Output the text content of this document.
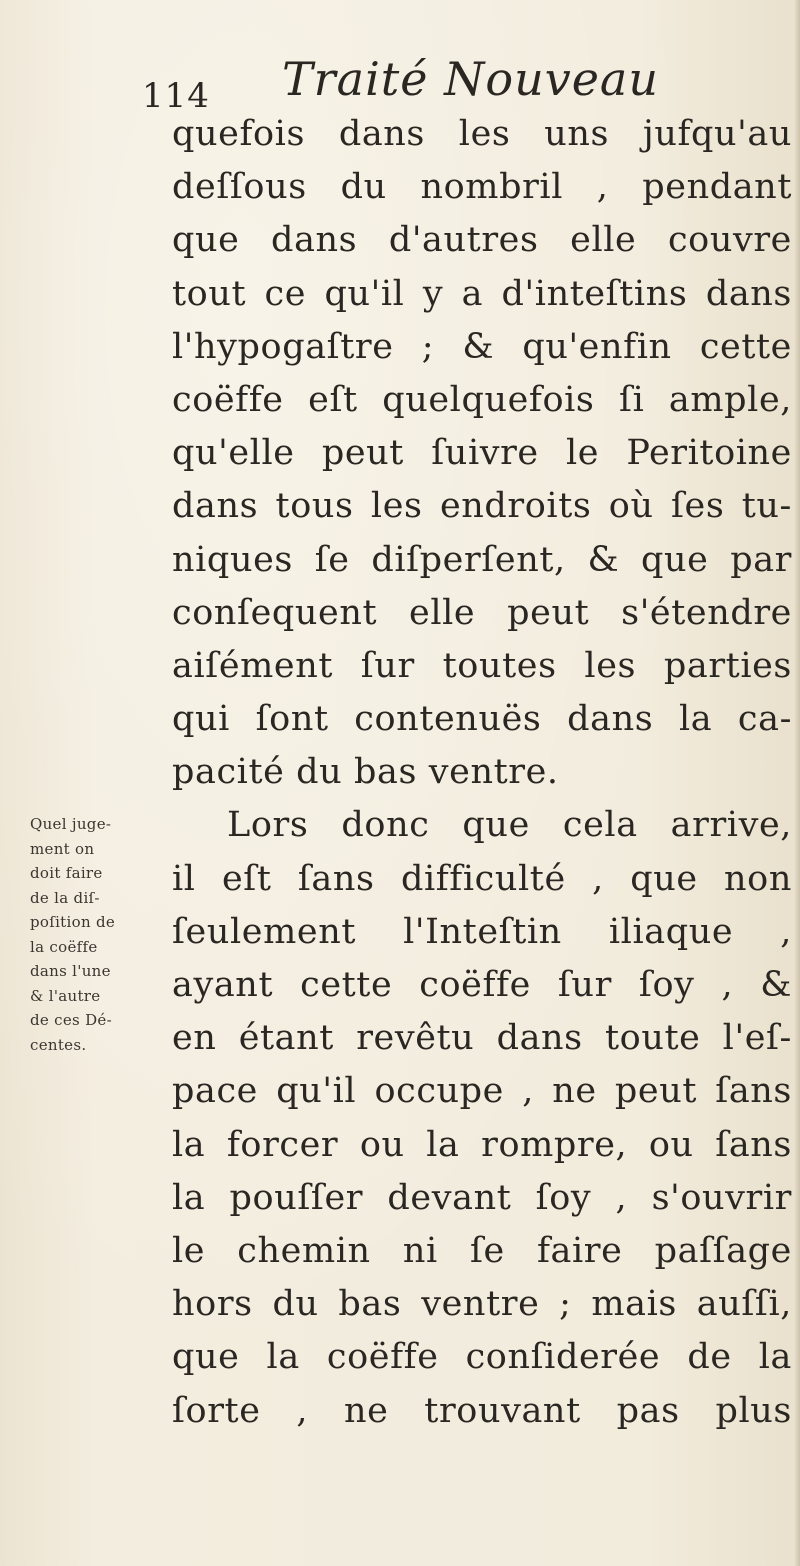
114 Traité Nouveau
Quel juge-
ment on
doit faire
de la diſ-
poſition de
la coëffe
dans l'une
& l'autre
de ces Dé-
centes.
quefois dans les uns jufqu'au
deſſous du nombril , pendant
que dans d'autres elle couvre
tout ce qu'il y a d'inteſtins dans
l'hypogaſtre ; & qu'enfin cette
coëffe eſt quelquefois ſi ample,
qu'elle peut ſuivre le Peritoine
dans tous les endroits où ſes tu-
niques ſe diſperſent, & que par
conſequent elle peut s'étendre
aiſément ſur toutes les parties
qui ſont contenuës dans la ca-
pacité du bas ventre.
Lors donc que cela arrive,
il eſt ſans difficulté , que non
ſeulement l'Inteſtin iliaque ,
ayant cette coëffe ſur ſoy , &
en étant revêtu dans toute l'eſ-
pace qu'il occupe , ne peut ſans
la forcer ou la rompre, ou ſans
la pouſſer devant ſoy , s'ouvrir
le chemin ni ſe faire paſſage
hors du bas ventre ; mais auſſi,
que la coëffe conſiderée de la
ſorte , ne trouvant pas plus
